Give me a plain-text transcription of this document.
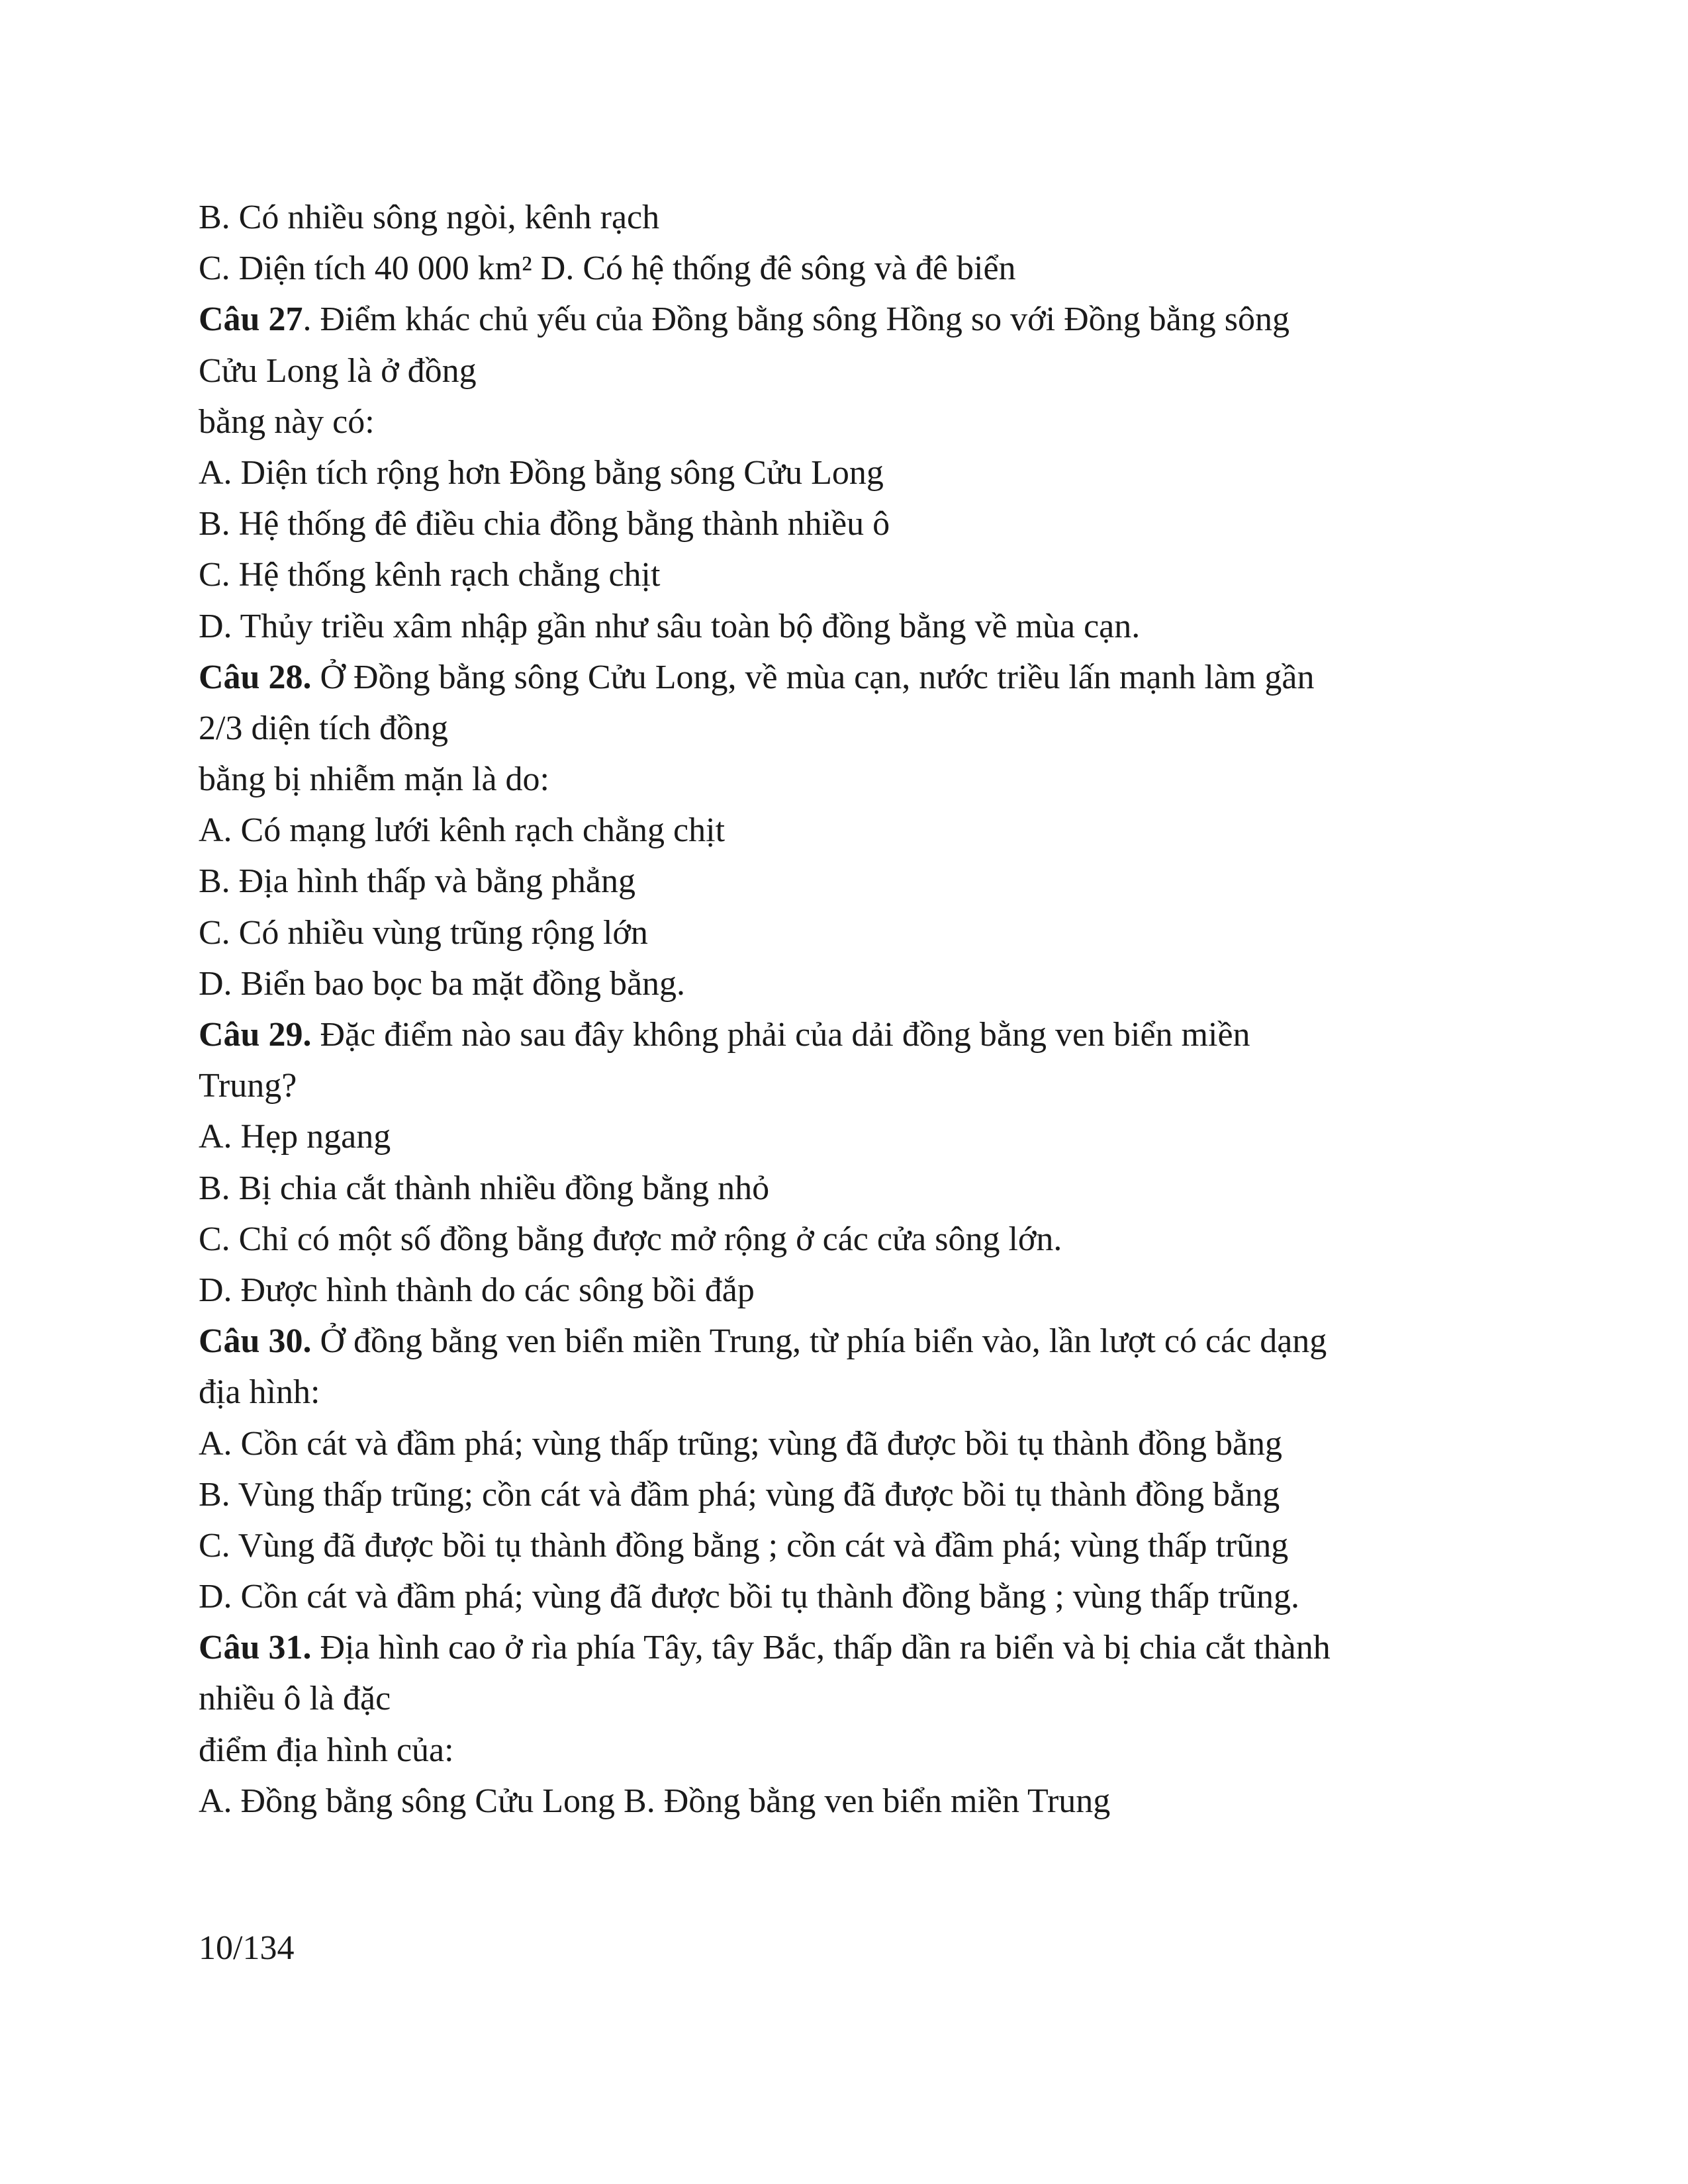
B. Có nhiều sông ngòi, kênh rạch
C. Diện tích 40 000 km² D. Có hệ thống đê sông và đê biển
Câu 27. Điểm khác chủ yếu của Đồng bằng sông Hồng so với Đồng bằng sông
Cửu Long là ở đồng
bằng này có:
A. Diện tích rộng hơn Đồng bằng sông Cửu Long
B. Hệ thống đê điều chia đồng bằng thành nhiều ô
C. Hệ thống kênh rạch chằng chịt
D. Thủy triều xâm nhập gần như sâu toàn bộ đồng bằng về mùa cạn.
Câu 28. Ở Đồng bằng sông Cửu Long, về mùa cạn, nước triều lấn mạnh làm gần
2/3 diện tích đồng
bằng bị nhiễm mặn là do:
A. Có mạng lưới kênh rạch chằng chịt
B. Địa hình thấp và bằng phẳng
C. Có nhiều vùng trũng rộng lớn
D. Biển bao bọc ba mặt đồng bằng.
Câu 29. Đặc điểm nào sau đây không phải của dải đồng bằng ven biển miền
Trung?
A. Hẹp ngang
B. Bị chia cắt thành nhiều đồng bằng nhỏ
C. Chỉ có một số đồng bằng được mở rộng ở các cửa sông lớn.
D. Được hình thành do các sông bồi đắp
Câu 30. Ở đồng bằng ven biển miền Trung, từ phía biển vào, lần lượt có các dạng
địa hình:
A. Cồn cát và đầm phá; vùng thấp trũng; vùng đã được bồi tụ thành đồng bằng
B. Vùng thấp trũng; cồn cát và đầm phá; vùng đã được bồi tụ thành đồng bằng
C. Vùng đã được bồi tụ thành đồng bằng ; cồn cát và đầm phá; vùng thấp trũng
D. Cồn cát và đầm phá; vùng đã được bồi tụ thành đồng bằng ; vùng thấp trũng.
Câu 31. Địa hình cao ở rìa phía Tây, tây Bắc, thấp dần ra biển và bị chia cắt thành
nhiều ô là đặc
điểm địa hình của:
A. Đồng bằng sông Cửu Long B. Đồng bằng ven biển miền Trung
10/134
